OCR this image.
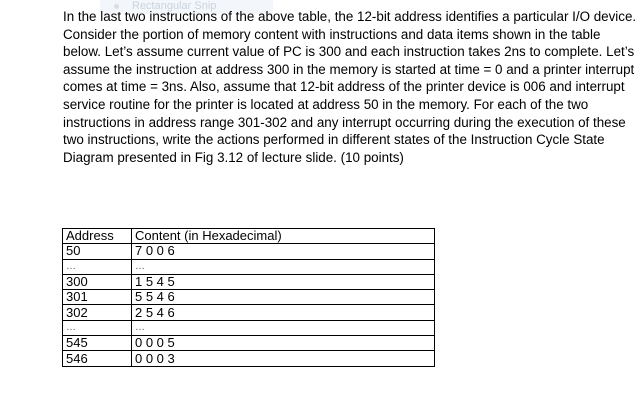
Rectangular Snip

In the last two instructions of the above table, the 12-bit address identifies a particular I/O device. Consider the portion of memory content with instructions and data items shown in the table below. Let’s assume current value of PC is 300 and each instruction takes 2ns to complete. Let’s assume the instruction at address 300 in the memory is started at time = 0 and a printer interrupt comes at time = 3ns. Also, assume that 12-bit address of the printer device is 006 and interrupt service routine for the printer is located at address 50 in the memory. For each of the two instructions in address range 301-302 and any interrupt occurring during the execution of these two instructions, write the actions performed in different states of the Instruction Cycle State Diagram presented in Fig 3.12 of lecture slide. (10 points)

Address	Content (in Hexadecimal)
50	7 0 0 6
…	…
300	1 5 4 5
301	5 5 4 6
302	2 5 4 6
…	…
545	0 0 0 5
546	0 0 0 3
